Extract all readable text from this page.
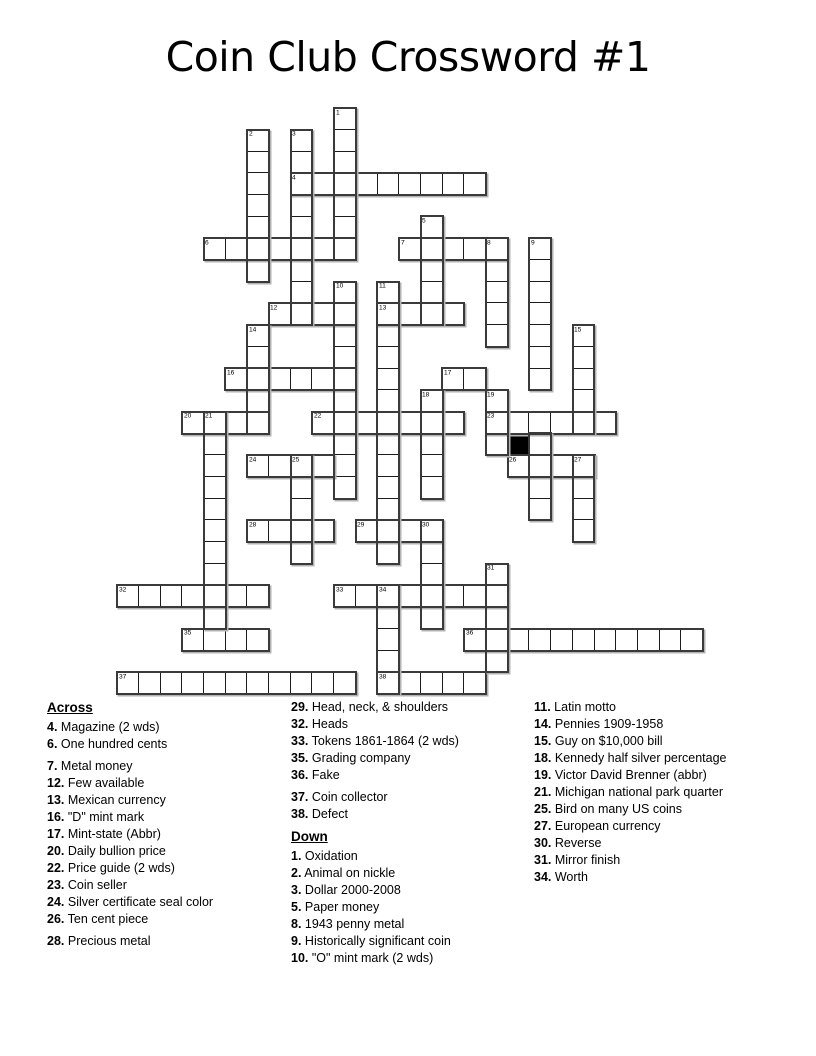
Coin Club Crossword #1
4
6	7
12	13
16	17
20	22	23
24	26
28	29
32	33
35	36
37	38
1
2	3
5
8	9
10	11
14	15
18	19
21
25	27
30
31
34
Across
4. Magazine (2 wds)
6. One hundred cents
7. Metal money
12. Few available
13. Mexican currency
16. "D" mint mark
17. Mint-state (Abbr)
20. Daily bullion price
22. Price guide (2 wds)
23. Coin seller
24. Silver certificate seal color
26. Ten cent piece
28. Precious metal
29. Head, neck, & shoulders
32. Heads
33. Tokens 1861-1864 (2 wds)
35. Grading company
36. Fake
37. Coin collector
38. Defect
Down
1. Oxidation
2. Animal on nickle
3. Dollar 2000-2008
5. Paper money
8. 1943 penny metal
9. Historically significant coin
10. "O" mint mark (2 wds)
11. Latin motto
14. Pennies 1909-1958
15. Guy on $10,000 bill
18. Kennedy half silver percentage
19. Victor David Brenner (abbr)
21. Michigan national park quarter
25. Bird on many US coins
27. European currency
30. Reverse
31. Mirror finish
34. Worth
